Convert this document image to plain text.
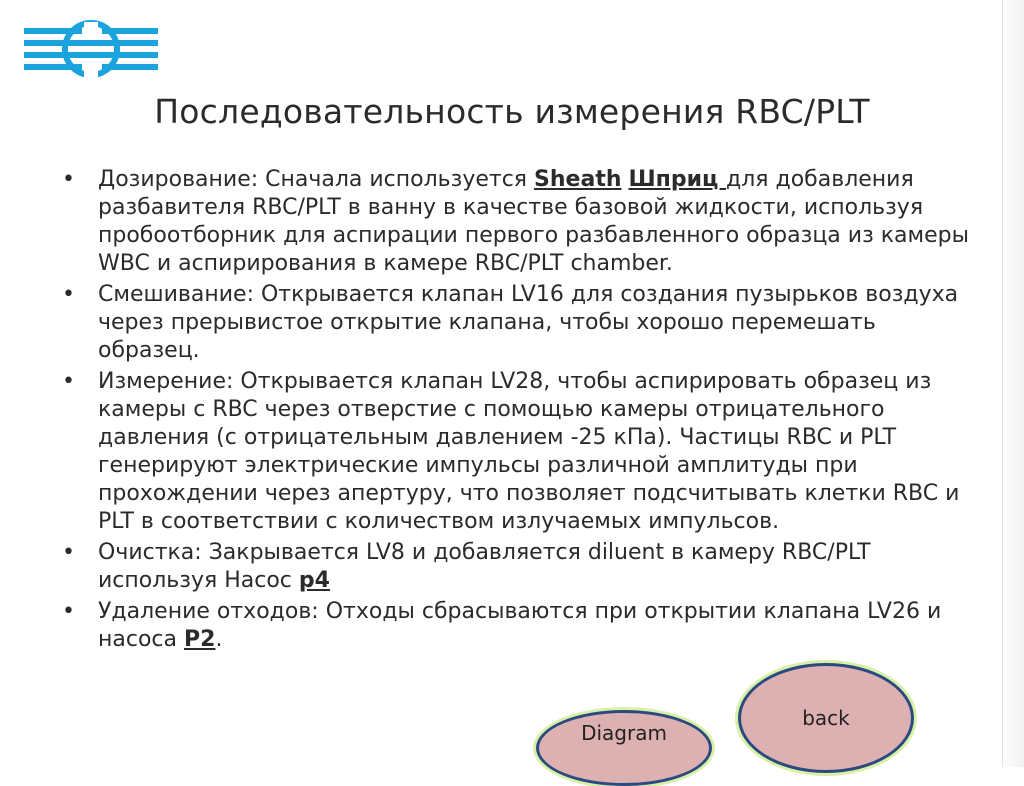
Последовательность измерения RBC/PLT
• Дозирование: Сначала используется Sheath Шприц для добавления разбавителя RBC/PLT в ванну в качестве базовой жидкости, используя пробоотборник для аспирации первого разбавленного образца из камеры WBC и аспирирования в камере RBC/PLT chamber.
• Смешивание: Открывается клапан LV16 для создания пузырьков воздуха через прерывистое открытие клапана, чтобы хорошо перемешать образец.
• Измерение: Открывается клапан LV28, чтобы аспирировать образец из камеры с RBC через отверстие с помощью камеры отрицательного давления (с отрицательным давлением -25 кПа). Частицы RBC и PLT генерируют электрические импульсы различной амплитуды при прохождении через апертуру, что позволяет подсчитывать клетки RBC и PLT в соответствии с количеством излучаемых импульсов.
• Очистка: Закрывается LV8 и добавляется diluent в камеру RBC/PLT используя Насос p4
• Удаление отходов: Отходы сбрасываются при открытии клапана LV26 и насоса P2.
Diagram
back
